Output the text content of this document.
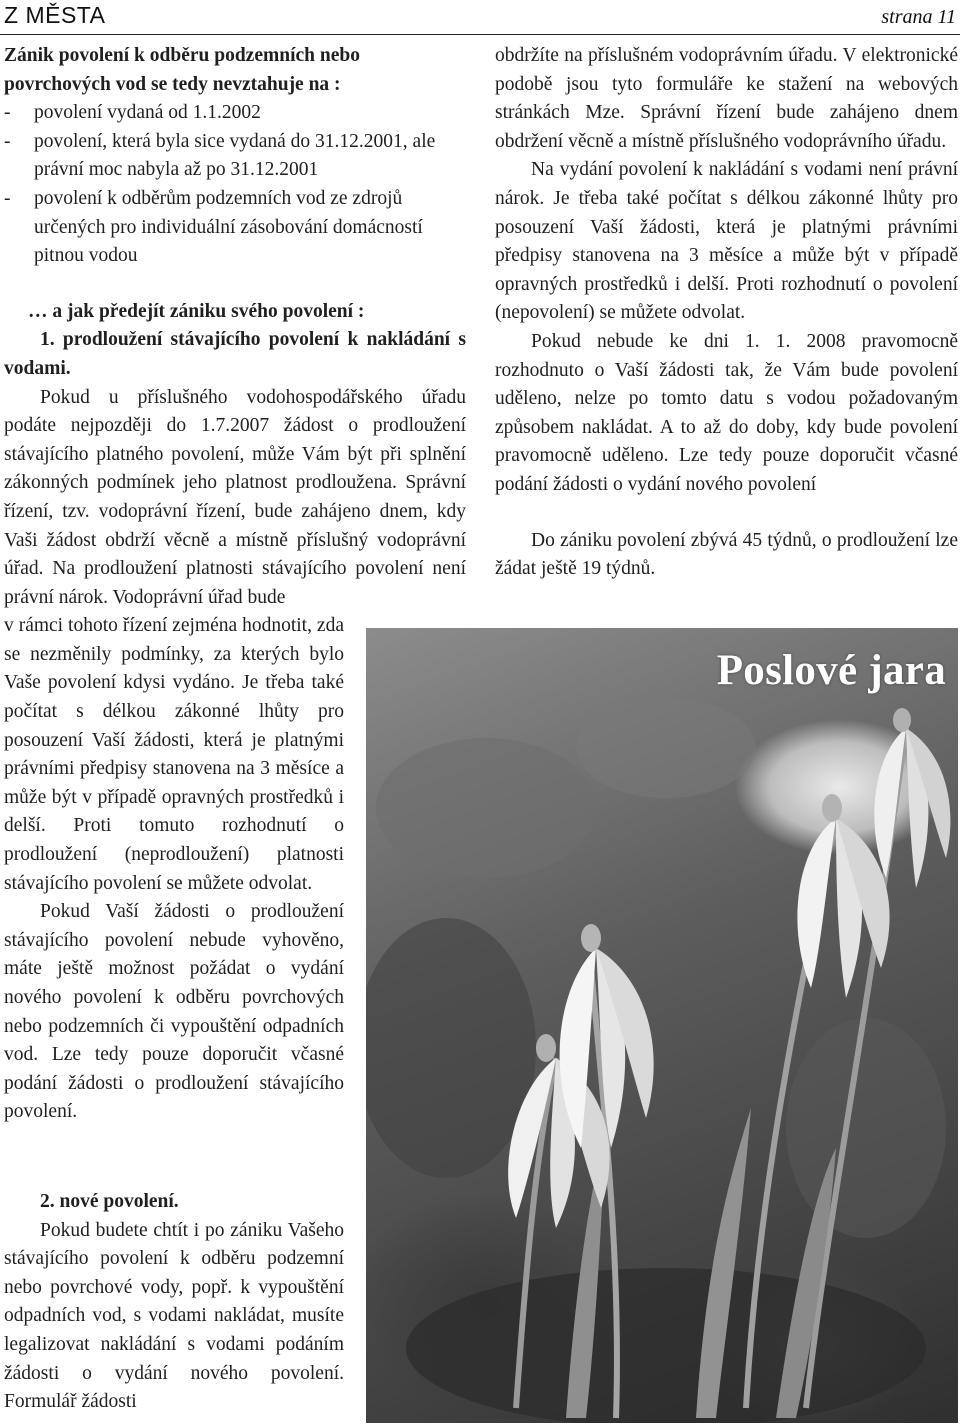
Z MĚSTA	strana 11

Zánik povolení k odběru podzemních nebo povrchových vod se tedy nevztahuje na :

-	povolení vydaná od 1.1.2002
-	povolení, která byla sice vydaná do 31.12.2001, ale právní moc nabyla až po 31.12.2001
-	povolení k odběrům podzemních vod ze zdrojů určených pro individuální zásobování domácností pitnou vodou

… a jak předejít zániku svého povolení :

1. prodloužení stávajícího povolení k nakládání s vodami.

Pokud u příslušného vodohospodářského úřadu podáte nejpozději do 1.7.2007 žádost o prodloužení stávajícího platného povolení, může Vám být při splnění zákonných podmínek jeho platnost prodloužena. Správní řízení, tzv. vodoprávní řízení, bude zahájeno dnem, kdy Vaši žádost obdrží věcně a místně příslušný vodoprávní úřad. Na prodloužení platnosti stávajícího povolení není právní nárok. Vodoprávní úřad bude

v rámci tohoto řízení zejména hodnotit, zda se nezměnily podmínky, za kterých bylo Vaše povolení kdysi vydáno. Je třeba také počítat s délkou zákonné lhůty pro posouzení Vaší žádosti, která je platnými právními předpisy stanovena na 3 měsíce a může být v případě opravných prostředků i delší. Proti tomuto rozhodnutí o prodloužení (neprodloužení) platnosti stávajícího povolení se můžete odvolat.

Pokud Vaší žádosti o prodloužení stávajícího povolení nebude vyhověno, máte ještě možnost požádat o vydání nového povolení k odběru povrchových nebo podzemních či vypouštění odpadních vod. Lze tedy pouze doporučit včasné podání žádosti o prodloužení stávajícího povolení.

2. nové povolení.

Pokud budete chtít i po zániku Vašeho stávajícího povolení k odběru podzemní nebo povrchové vody, popř. k vypouštění odpadních vod, s vodami nakládat, musíte legalizovat nakládání s vodami podáním žádosti o vydání nového povolení. Formulář žádosti

obdržíte na příslušném vodoprávním úřadu. V elektronické podobě jsou tyto formuláře ke stažení na webových stránkách Mze. Správní řízení bude zahájeno dnem obdržení věcně a místně příslušného vodoprávního úřadu.

Na vydání povolení k nakládání s vodami není právní nárok. Je třeba také počítat s délkou zákonné lhůty pro posouzení Vaší žádosti, která je platnými právními předpisy stanovena na 3 měsíce a může být v případě opravných prostředků i delší. Proti rozhodnutí o povolení (nepovolení) se můžete odvolat.

Pokud nebude ke dni 1. 1. 2008 pravomocně rozhodnuto o Vaší žádosti tak, že Vám bude povolení uděleno, nelze po tomto datu s vodou požadovaným způsobem nakládat. A to až do doby, kdy bude povolení pravomocně uděleno. Lze tedy pouze doporučit včasné podání žádosti o vydání nového povolení

Do zániku povolení zbývá 45 týdnů, o prodloužení lze žádat ještě 19 týdnů.

Poslové jara
